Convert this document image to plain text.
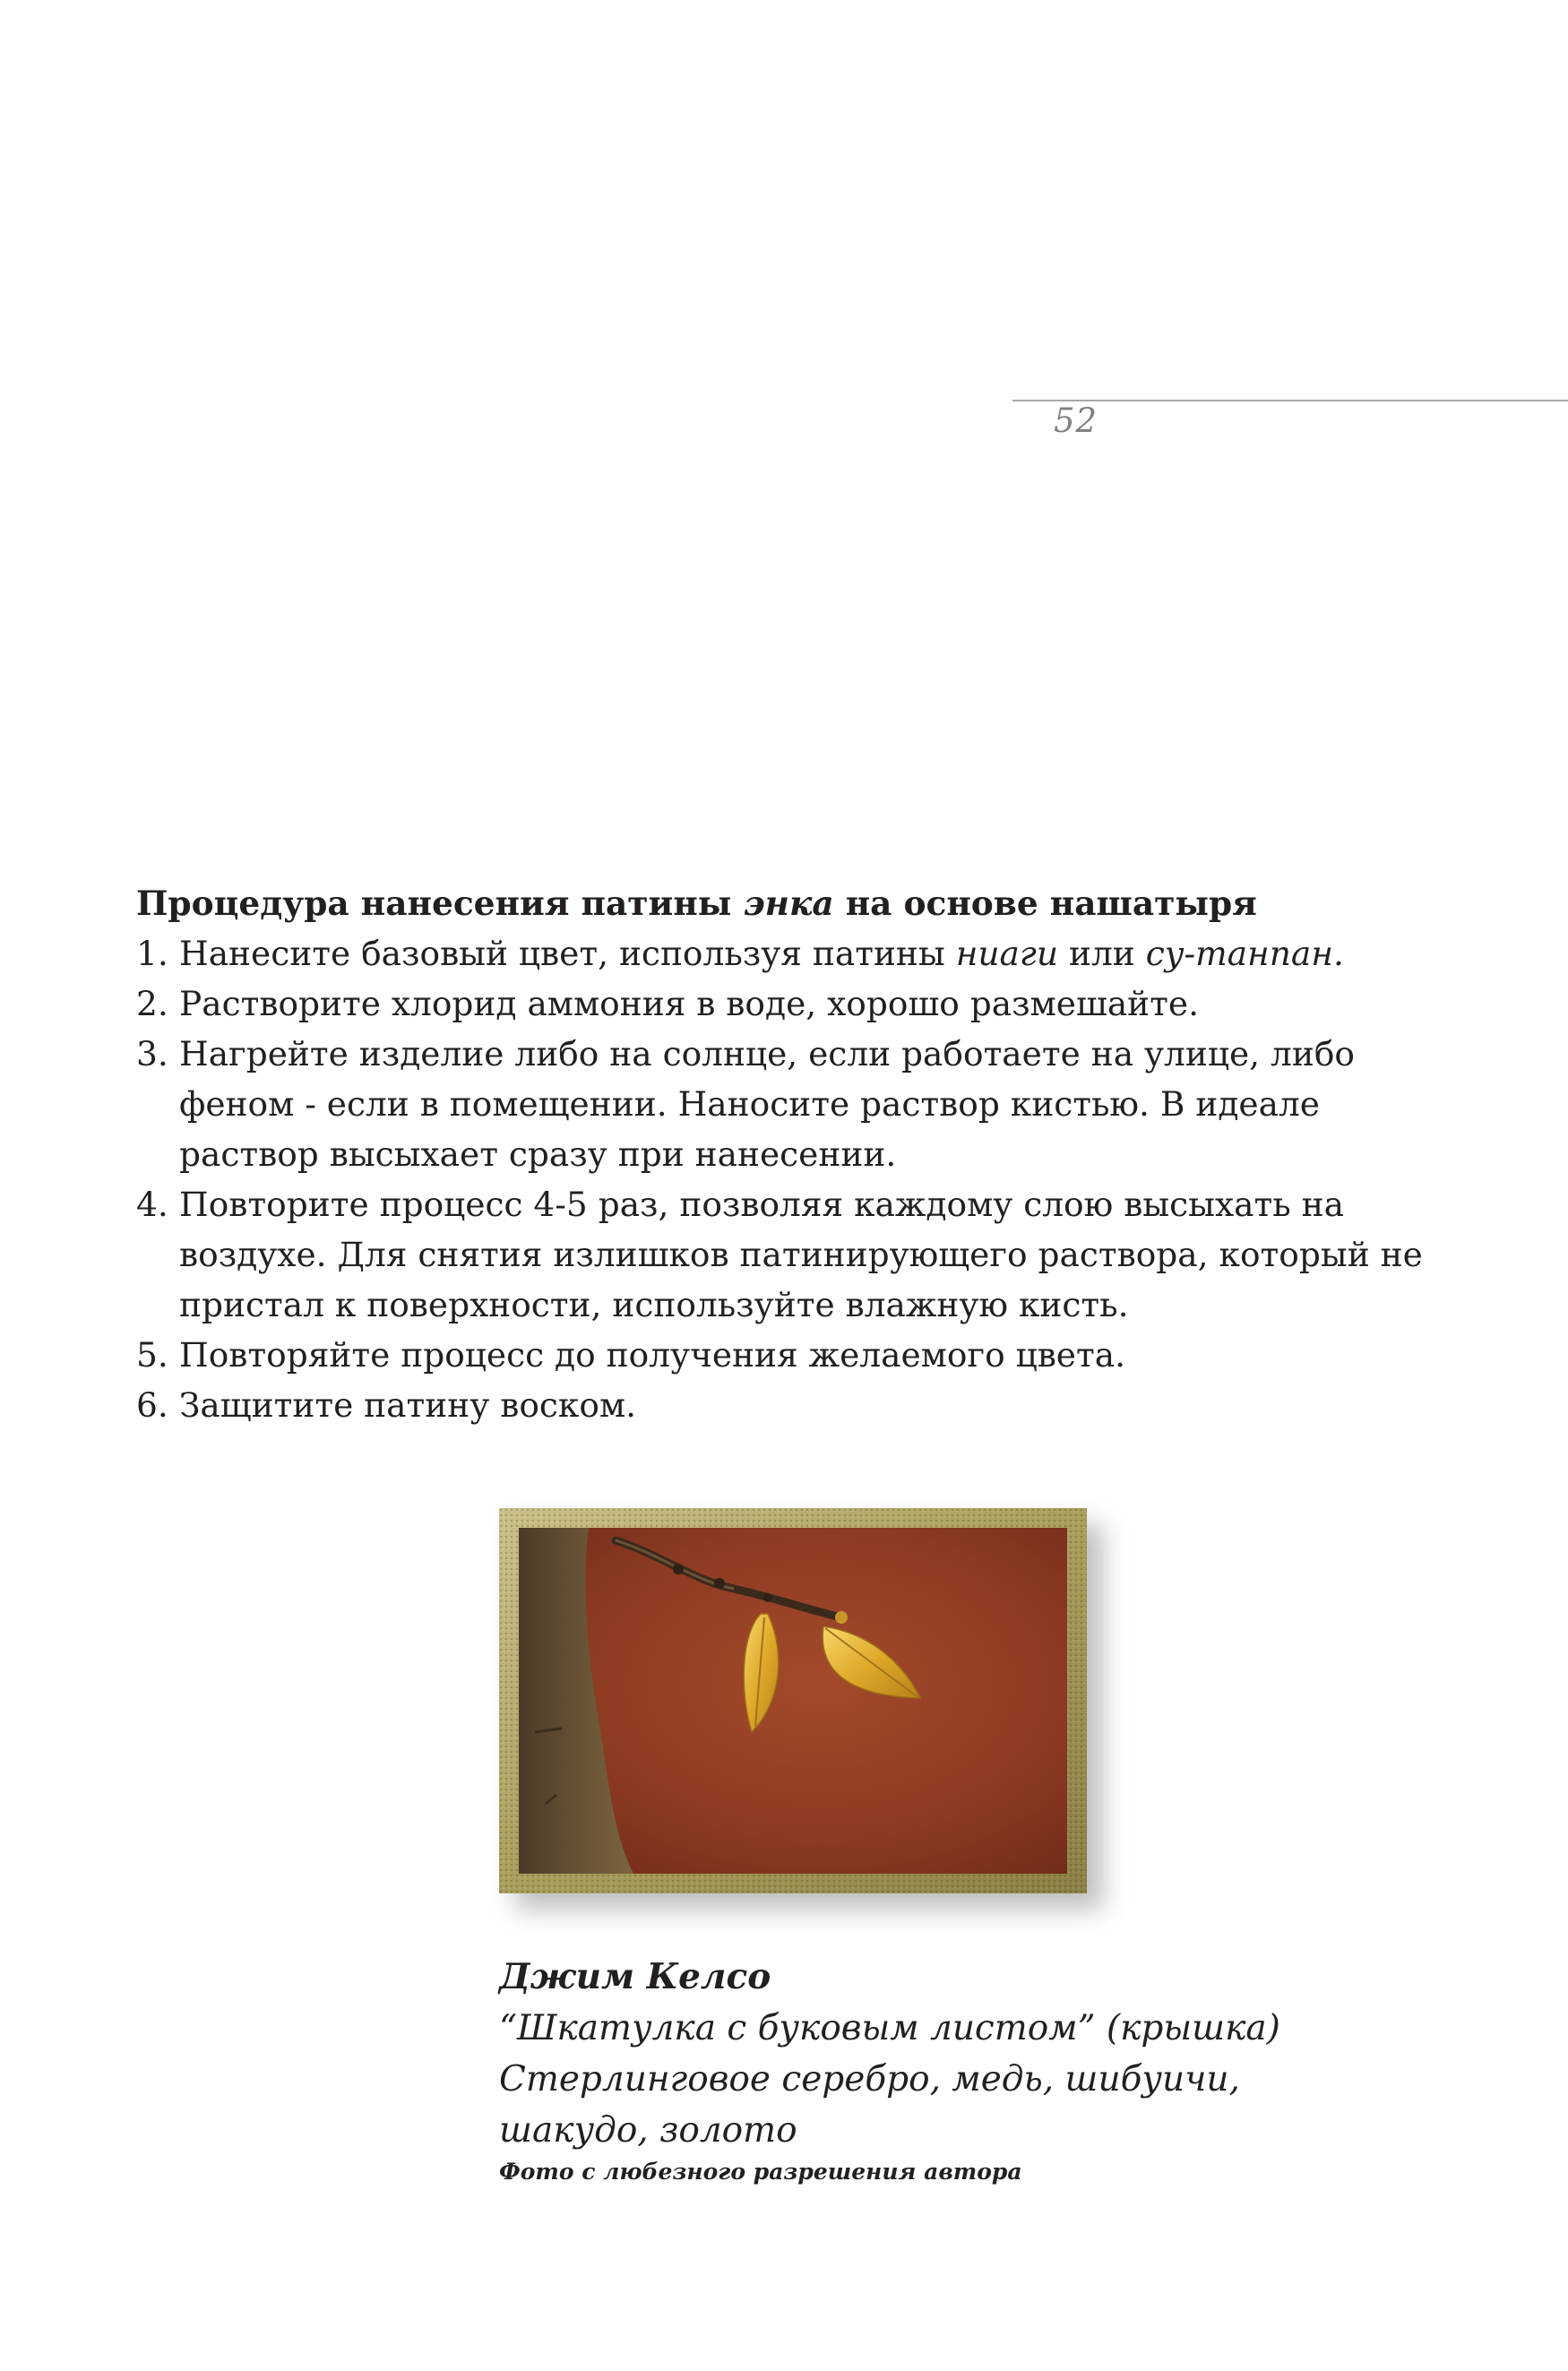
52
Процедура нанесения патины энка на основе нашатыря
1. Нанесите базовый цвет, используя патины ниаги или су-танпан.
2. Растворите хлорид аммония в воде, хорошо размешайте.
3. Нагрейте изделие либо на солнце, если работаете на улице, либо феном - если в помещении. Наносите раствор кистью. В идеале раствор высыхает сразу при нанесении.
4. Повторите процесс 4-5 раз, позволяя каждому слою высыхать на воздухе. Для снятия излишков патинирующего раствора, который не пристал к поверхности, используйте влажную кисть.
5. Повторяйте процесс до получения желаемого цвета.
6. Защитите патину воском.
Джим Келсо
“Шкатулка с буковым листом” (крышка)
Стерлинговое серебро, медь, шибуичи,
шакудо, золото
Фото с любезного разрешения автора
